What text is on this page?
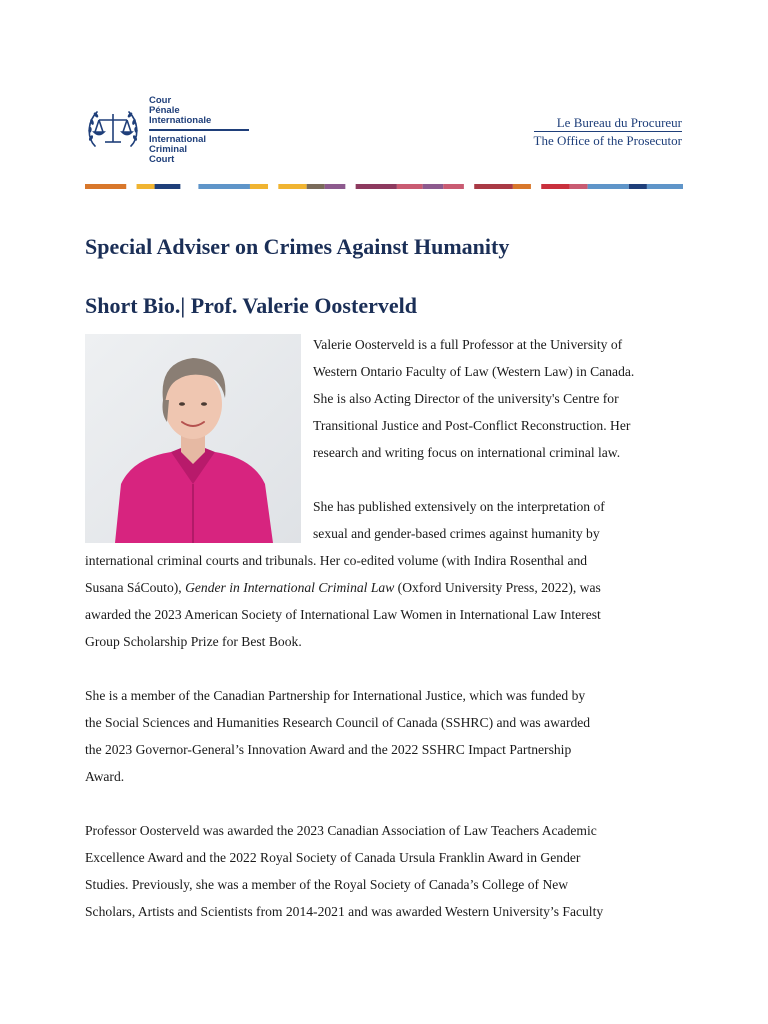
Cour
Pénale
Internationale
International
Criminal
Court
Le Bureau du Procureur
The Office of the Prosecutor
Special Adviser on Crimes Against Humanity
Short Bio.| Prof. Valerie Oosterveld
Valerie Oosterveld is a full Professor at the University of
Western Ontario Faculty of Law (Western Law) in Canada.
She is also Acting Director of the university's Centre for
Transitional Justice and Post-Conflict Reconstruction. Her
research and writing focus on international criminal law.
She has published extensively on the interpretation of
sexual and gender-based crimes against humanity by
international criminal courts and tribunals. Her co-edited volume (with Indira Rosenthal and
Susana SáCouto), Gender in International Criminal Law (Oxford University Press, 2022), was
awarded the 2023 American Society of International Law Women in International Law Interest
Group Scholarship Prize for Best Book.
She is a member of the Canadian Partnership for International Justice, which was funded by
the Social Sciences and Humanities Research Council of Canada (SSHRC) and was awarded
the 2023 Governor-General’s Innovation Award and the 2022 SSHRC Impact Partnership
Award.
Professor Oosterveld was awarded the 2023 Canadian Association of Law Teachers Academic
Excellence Award and the 2022 Royal Society of Canada Ursula Franklin Award in Gender
Studies. Previously, she was a member of the Royal Society of Canada’s College of New
Scholars, Artists and Scientists from 2014-2021 and was awarded Western University’s Faculty
